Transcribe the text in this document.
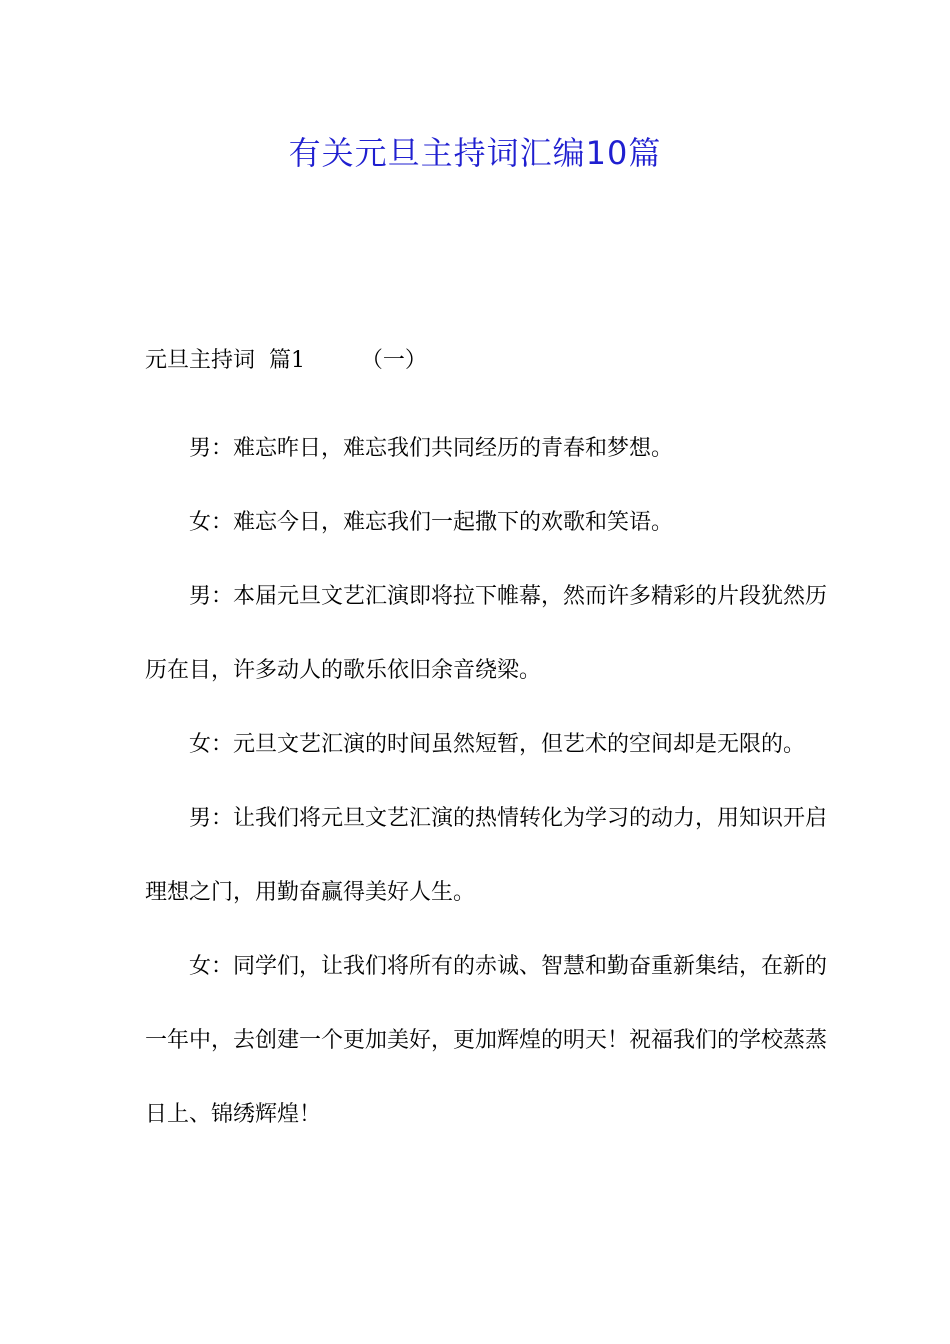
有关元旦主持词汇编10篇
元旦主持词  篇1        （一）

男：难忘昨日，难忘我们共同经历的青春和梦想。

女：难忘今日，难忘我们一起撒下的欢歌和笑语。

男：本届元旦文艺汇演即将拉下帷幕，然而许多精彩的片段犹然历历在目，许多动人的歌乐依旧余音绕梁。

女：元旦文艺汇演的时间虽然短暂，但艺术的空间却是无限的。

男：让我们将元旦文艺汇演的热情转化为学习的动力，用知识开启理想之门，用勤奋赢得美好人生。

女：同学们，让我们将所有的赤诚、智慧和勤奋重新集结，在新的一年中，去创建一个更加美好，更加辉煌的明天！祝福我们的学校蒸蒸日上、锦绣辉煌！
